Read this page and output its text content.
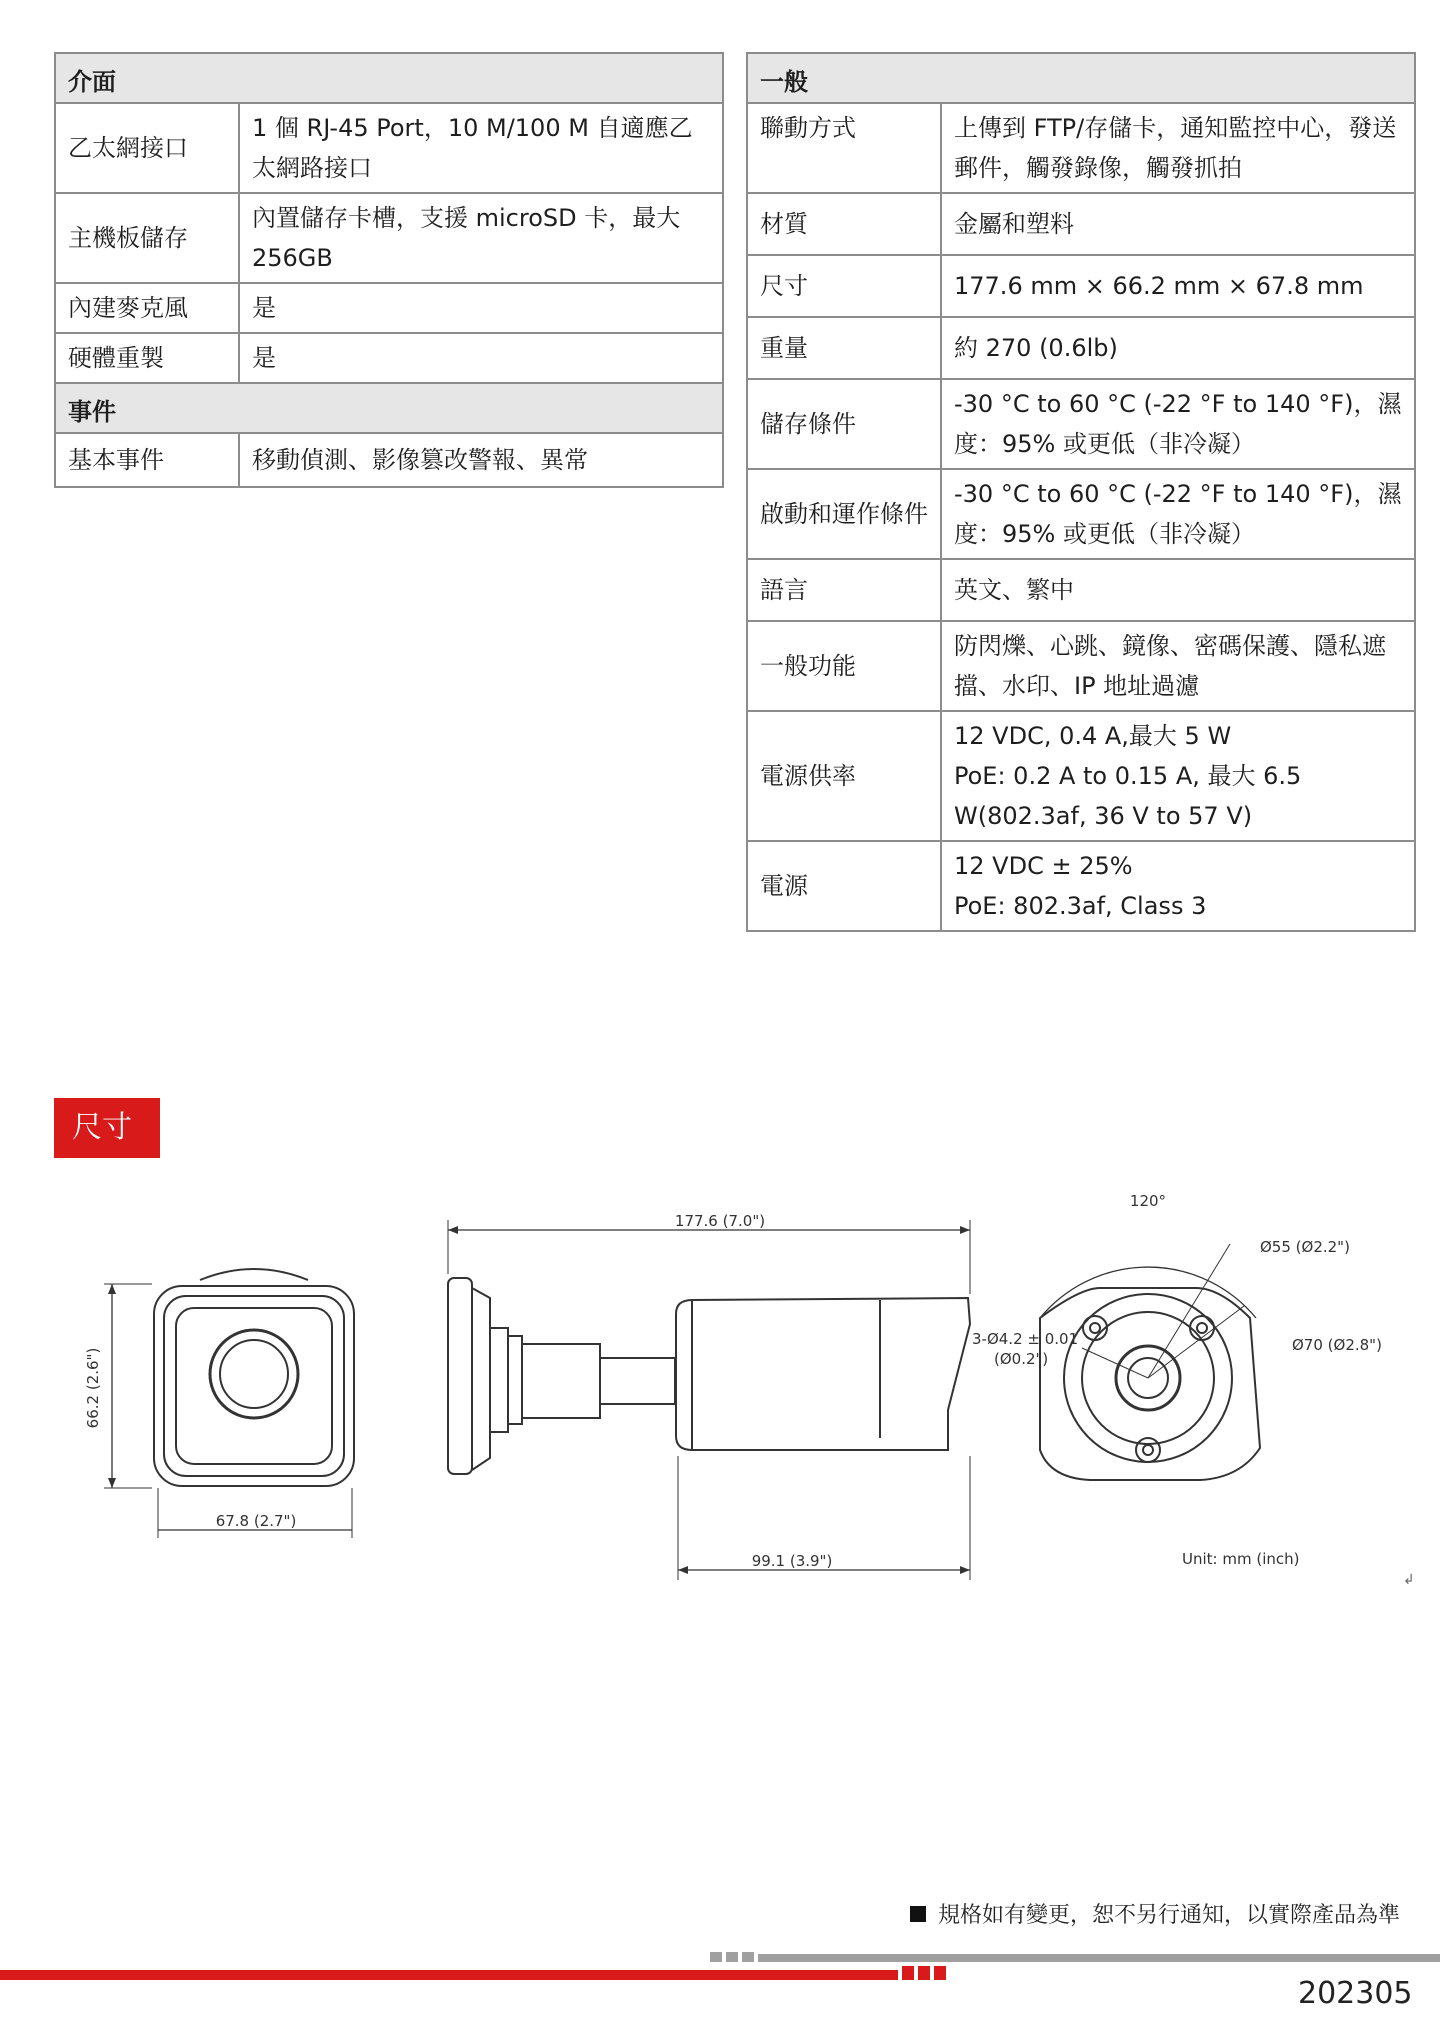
介面	
乙太網接口	1 個 RJ-45 Port，10 M/100 M 自適應乙太網路接口
主機板儲存	內置儲存卡槽，支援 microSD 卡，最大 256GB
內建麥克風	是
硬體重製	是
事件	
基本事件	移動偵測、影像篡改警報、異常
一般	
聯動方式	上傳到 FTP/存儲卡，通知監控中心，發送郵件，觸發錄像，觸發抓拍
材質	金屬和塑料
尺寸	177.6 mm × 66.2 mm × 67.8 mm
重量	約 270 (0.6lb)
儲存條件	-30 °C to 60 °C (-22 °F to 140 °F)，濕度：95% 或更低（非冷凝）
啟動和運作條件	-30 °C to 60 °C (-22 °F to 140 °F)，濕度：95% 或更低（非冷凝）
語言	英文、繁中
一般功能	防閃爍、心跳、鏡像、密碼保護、隱私遮擋、水印、IP 地址過濾
電源供率	12 VDC, 0.4 A,最大 5 W
PoE: 0.2 A to 0.15 A, 最大 6.5 W(802.3af, 36 V to 57 V)

電源	12 VDC ± 25%
PoE: 802.3af, Class 3
尺寸
66.2 (2.6")
67.8 (2.7")
177.6 (7.0")
99.1 (3.9")
120°
Ø55 (Ø2.2")
Ø70 (Ø2.8")
3-Ø4.2 ± 0.01
(Ø0.2")
Unit: mm (inch)
↲
規格如有變更，恕不另行通知，以實際產品為準
202305
